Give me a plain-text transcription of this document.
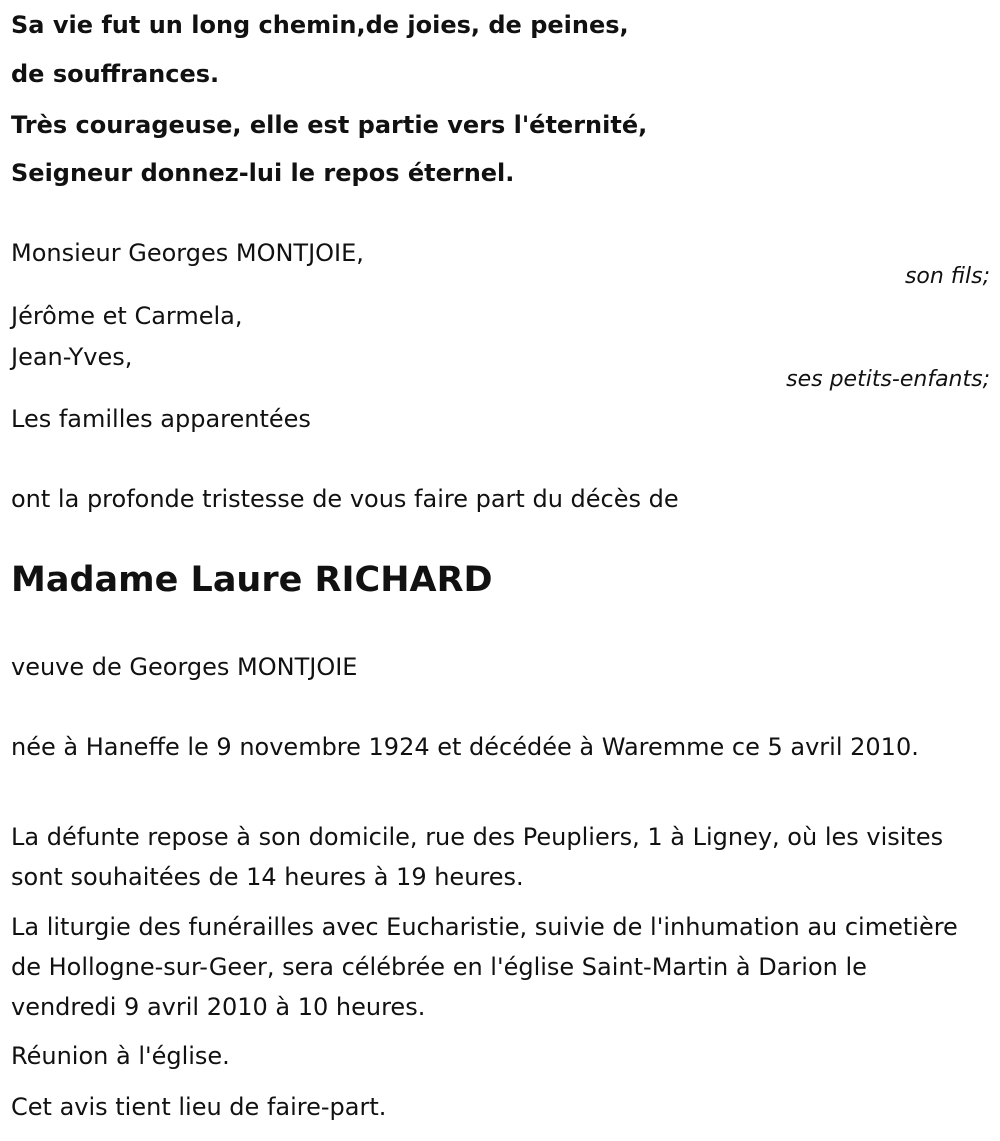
Sa vie fut un long chemin,de joies, de peines,
de souffrances.
Très courageuse, elle est partie vers l'éternité,
Seigneur donnez-lui le repos éternel.
Monsieur Georges MONTJOIE,
son fils;
Jérôme et Carmela,
Jean-Yves,
ses petits-enfants;
Les familles apparentées
ont la profonde tristesse de vous faire part du décès de
Madame Laure RICHARD
veuve de Georges MONTJOIE
née à Haneffe le 9 novembre 1924 et décédée à Waremme ce 5 avril 2010.
La défunte repose à son domicile, rue des Peupliers, 1 à Ligney, où les visites sont souhaitées de 14 heures à 19 heures.
La liturgie des funérailles avec Eucharistie, suivie de l'inhumation au cimetière de Hollogne-sur-Geer, sera célébrée en l'église Saint-Martin à Darion le vendredi 9 avril 2010 à 10 heures.
Réunion à l'église.
Cet avis tient lieu de faire-part.
